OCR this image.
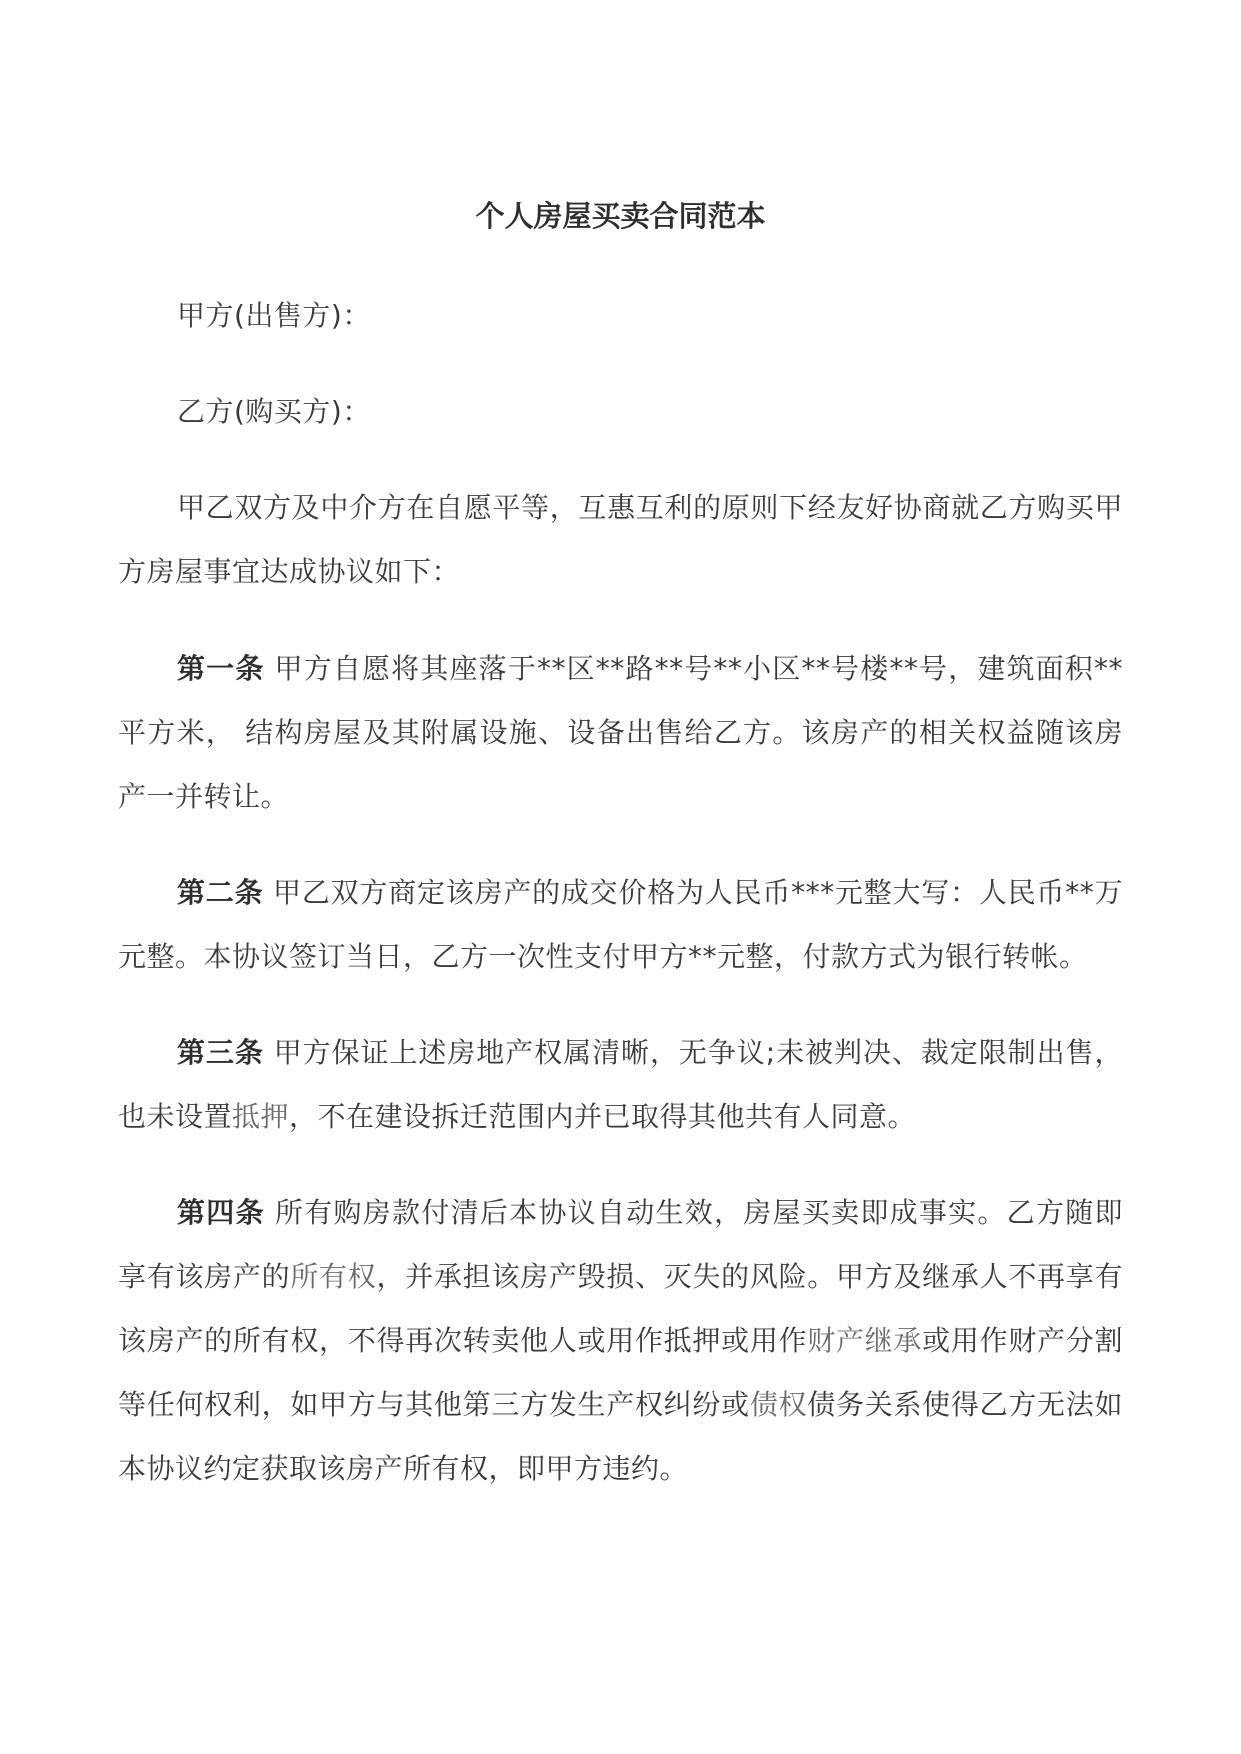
个人房屋买卖合同范本

甲方(出售方)：

乙方(购买方)：

甲乙双方及中介方在自愿平等，互惠互利的原则下经友好协商就乙方购买甲方房屋事宜达成协议如下：

第一条 甲方自愿将其座落于**区**路**号**小区**号楼**号，建筑面积**平方米， 结构房屋及其附属设施、设备出售给乙方。该房产的相关权益随该房产一并转让。

第二条 甲乙双方商定该房产的成交价格为人民币***元整大写：人民币**万元整。本协议签订当日，乙方一次性支付甲方**元整，付款方式为银行转帐。

第三条 甲方保证上述房地产权属清晰，无争议;未被判决、裁定限制出售，也未设置抵押，不在建设拆迁范围内并已取得其他共有人同意。

第四条 所有购房款付清后本协议自动生效，房屋买卖即成事实。乙方随即享有该房产的所有权，并承担该房产毁损、灭失的风险。甲方及继承人不再享有该房产的所有权，不得再次转卖他人或用作抵押或用作财产继承或用作财产分割等任何权利，如甲方与其他第三方发生产权纠纷或债权债务关系使得乙方无法如本协议约定获取该房产所有权，即甲方违约。
